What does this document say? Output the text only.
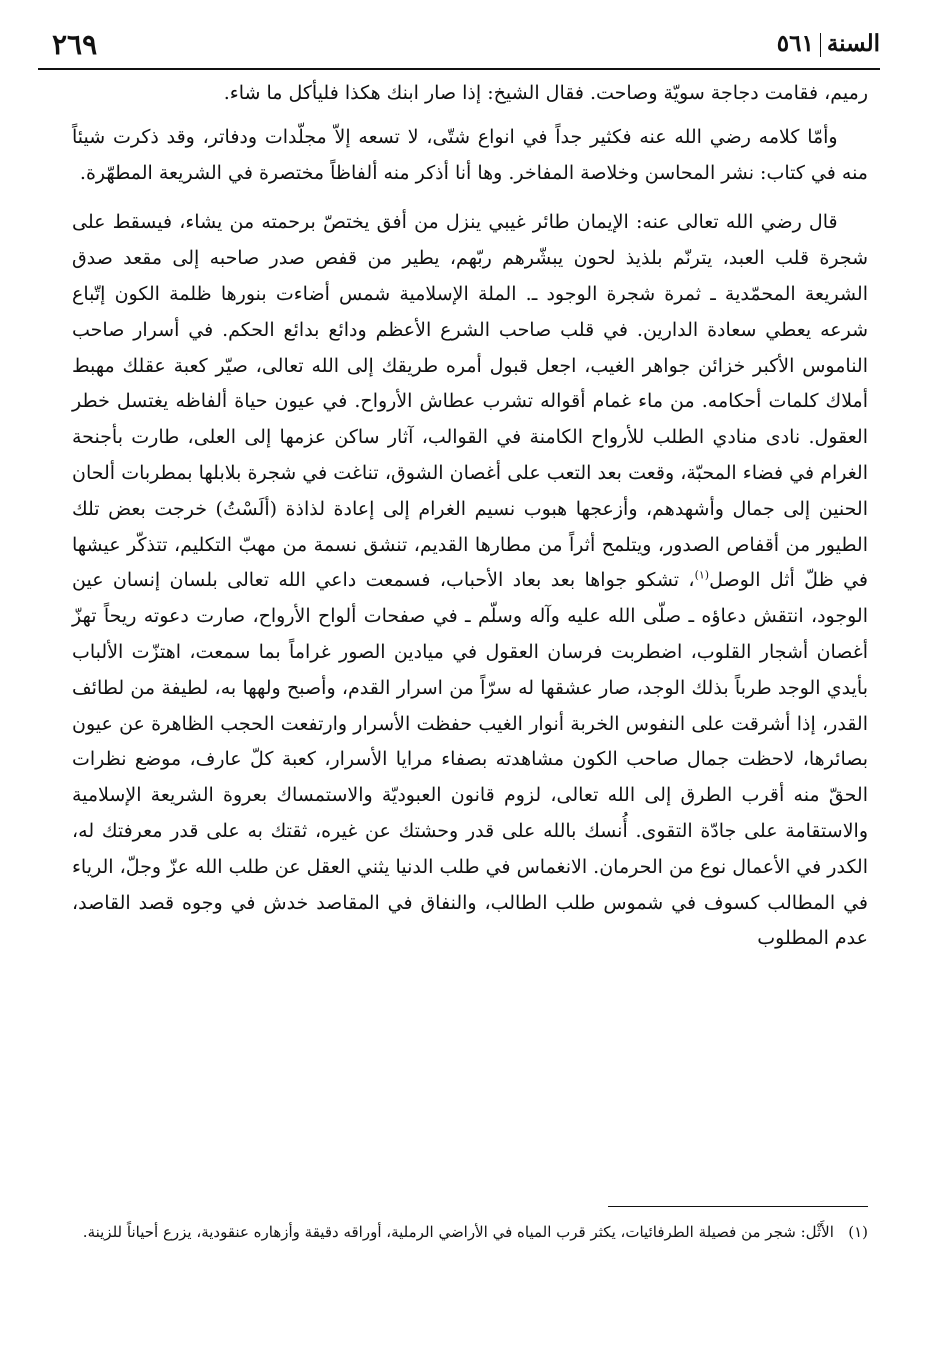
٢٦٩	السنة٥٦١

رميم، فقامت دجاجة سويّة وصاحت. فقال الشيخ: إذا صار ابنك هكذا فليأكل ما شاء.

وأمّا كلامه رضي الله عنه فكثير جداً في انواع شتّى، لا تسعه إلاّ مجلّدات ودفاتر، وقد ذكرت شيئاً منه في كتاب: نشر المحاسن وخلاصة المفاخر. وها أنا أذكر منه ألفاظاً مختصرة في الشريعة المطهّرة.

قال رضي الله تعالى عنه: الإيمان طائر غيبي ينزل من أفق يختصّ برحمته من يشاء، فيسقط على شجرة قلب العبد، يترنّم بلذيذ لحون يبشّرهم ربّهم، يطير من قفص صدر صاحبه إلى مقعد صدق الشريعة المحمّدية ـ ثمرة شجرة الوجود ـ. الملة الإسلامية شمس أضاءت بنورها ظلمة الكون إتّباع شرعه يعطي سعادة الدارين. في قلب صاحب الشرع الأعظم ودائع بدائع الحكم. في أسرار صاحب الناموس الأكبر خزائن جواهر الغيب، اجعل قبول أمره طريقك إلى الله تعالى، صيّر كعبة عقلك مهبط أملاك كلمات أحكامه. من ماء غمام أقواله تشرب عطاش الأرواح. في عيون حياة ألفاظه يغتسل خطر العقول. نادى منادي الطلب للأرواح الكامنة في القوالب، آثار ساكن عزمها إلى العلى، طارت بأجنحة الغرام في فضاء المحبّة، وقعت بعد التعب على أغصان الشوق، تناغت في شجرة بلابلها بمطربات ألحان الحنين إلى جمال وأشهدهم، وأزعجها هبوب نسيم الغرام إلى إعادة لذاذة (ألَسْتُ) خرجت بعض تلك الطيور من أقفاص الصدور، ويتلمح أثراً من مطارها القديم، تنشق نسمة من مهبّ التكليم، تتذكّر عيشها في ظلّ أثل الوصل$^{(١)}$، تشكو جواها بعد بعاد الأحباب، فسمعت داعي الله تعالى بلسان إنسان عين الوجود، انتقش دعاؤه ـ صلّى الله عليه وآله وسلّم ـ في صفحات ألواح الأرواح، صارت دعوته ريحاً تهزّ أغصان أشجار القلوب، اضطربت فرسان العقول في ميادين الصور غراماً بما سمعت، اهتزّت الألباب بأيدي الوجد طرباً بذلك الوجد، صار عشقها له سرّاً من اسرار القدم، وأصبح ولهها به، لطيفة من لطائف القدر، إذا أشرقت على النفوس الخربة أنوار الغيب حفظت الأسرار وارتفعت الحجب الظاهرة عن عيون بصائرها، لاحظت جمال صاحب الكون مشاهدته بصفاء مرايا الأسرار، كعبة كلّ عارف، موضع نظرات الحقّ منه أقرب الطرق إلى الله تعالى، لزوم قانون العبوديّة والاستمساك بعروة الشريعة الإسلامية والاستقامة على جادّة التقوى. أُنسك بالله على قدر وحشتك عن غيره، ثقتك به على قدر معرفتك له، الكدر في الأعمال نوع من الحرمان. الانغماس في طلب الدنيا يثني العقل عن طلب الله عزّ وجلّ، الرياء في المطالب كسوف في شموس طلب الطالب، والنفاق في المقاصد خدش في وجوه قصد القاصد، عدم المطلوب

(١)   الأَثْل: شجر من فصيلة الطرفائيات، يكثر قرب المياه في الأراضي الرملية، أوراقه دقيقة وأزهاره عنقودية، يزرع أحياناً للزينة.
